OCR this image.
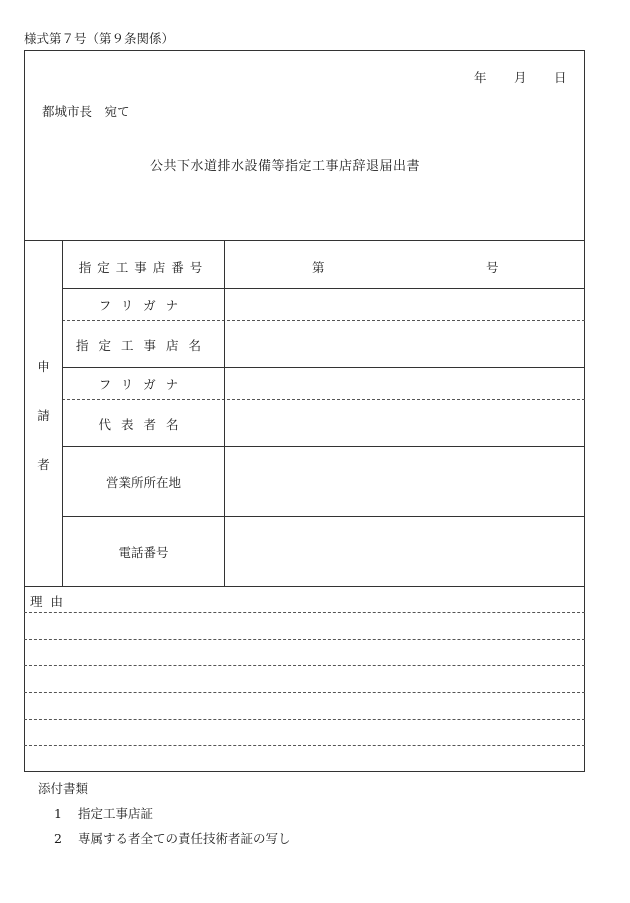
様式第７号（第９条関係）
年 月 日
都城市長　宛て
公共下水道排水設備等指定工事店辞退届出書
申
請
者
指定工事店番号
フリガナ
指定工事店名
フリガナ
代表者名
営業所所在地
電話番号
第	号
理由
添付書類
1 指定工事店証
2 専属する者全ての責任技術者証の写し
